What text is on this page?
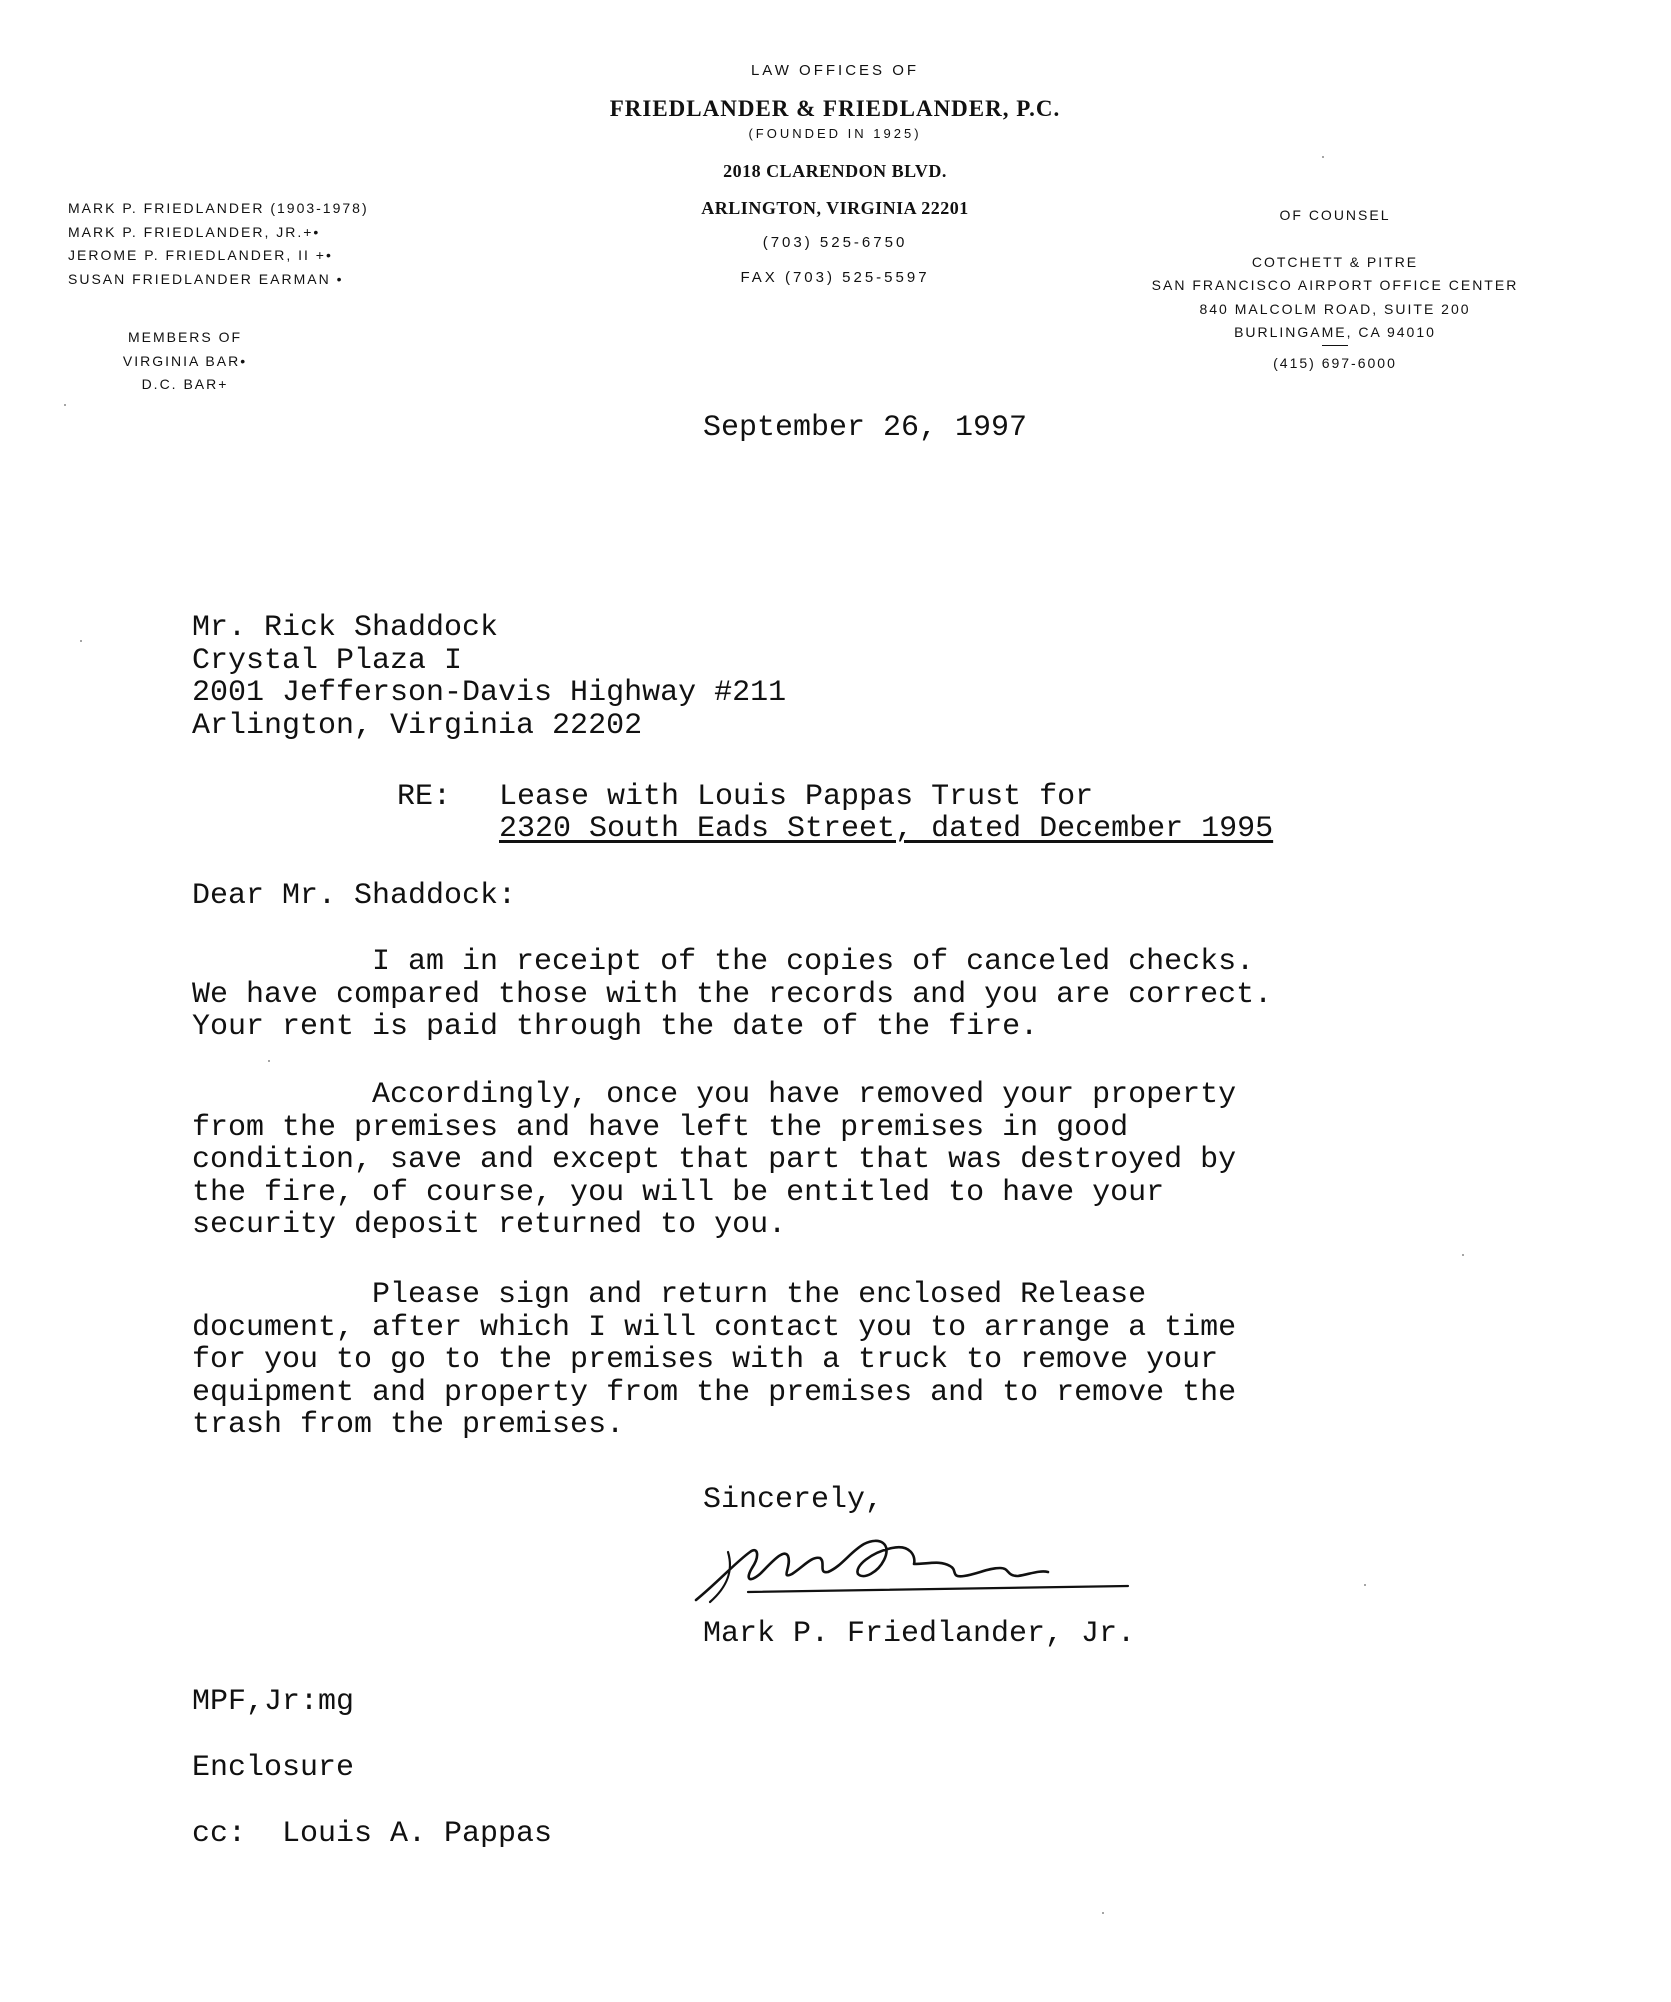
LAW OFFICES OF
FRIEDLANDER & FRIEDLANDER, P.C.
(FOUNDED IN 1925)
2018 CLARENDON BLVD.
ARLINGTON, VIRGINIA 22201
(703) 525-6750
FAX (703) 525-5597
MARK P. FRIEDLANDER (1903-1978)
MARK P. FRIEDLANDER, JR.+•
JEROME P. FRIEDLANDER, II +•
SUSAN FRIEDLANDER EARMAN •
MEMBERS OF
VIRGINIA BAR•
D.C. BAR+
OF COUNSEL
COTCHETT & PITRE
SAN FRANCISCO AIRPORT OFFICE CENTER
840 MALCOLM ROAD, SUITE 200
BURLINGAME, CA 94010
(415) 697-6000
September 26, 1997
Mr. Rick Shaddock
Crystal Plaza I
2001 Jefferson-Davis Highway #211
Arlington, Virginia 22202
RE: Lease with Louis Pappas Trust for
2320 South Eads Street, dated December 1995
Dear Mr. Shaddock:
I am in receipt of the copies of canceled checks.
We have compared those with the records and you are correct.
Your rent is paid through the date of the fire.
Accordingly, once you have removed your property
from the premises and have left the premises in good
condition, save and except that part that was destroyed by
the fire, of course, you will be entitled to have your
security deposit returned to you.
Please sign and return the enclosed Release
document, after which I will contact you to arrange a time
for you to go to the premises with a truck to remove your
equipment and property from the premises and to remove the
trash from the premises.
Sincerely,
Mark P. Friedlander, Jr.
MPF,Jr:mg
Enclosure
cc:  Louis A. Pappas
